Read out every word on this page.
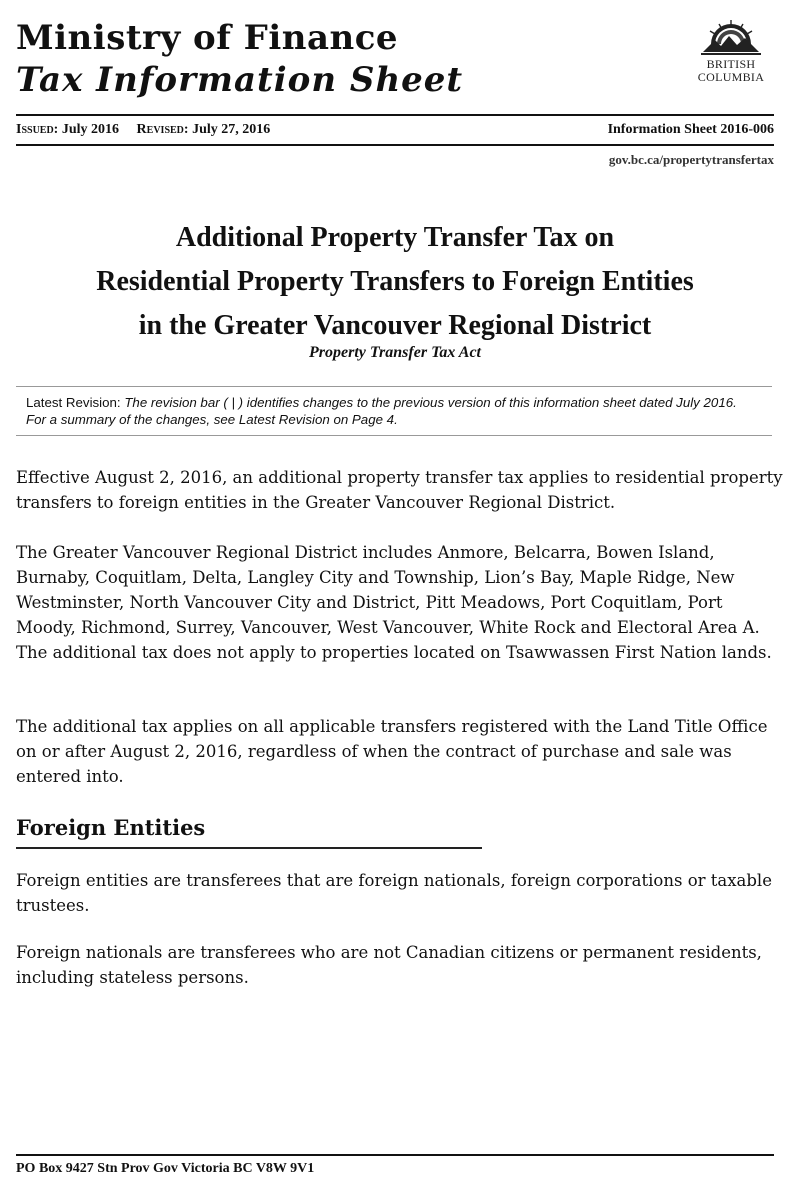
Ministry of Finance
Tax Information Sheet	BRITISH
COLUMBIA
Issued: July 2016 Revised: July 27, 2016	Information Sheet 2016-006
gov.bc.ca/propertytransfertax
Additional Property Transfer Tax on
Residential Property Transfers to Foreign Entities
in the Greater Vancouver Regional District
Property Transfer Tax Act
Latest Revision: The revision bar ( | ) identifies changes to the previous version of this information sheet dated July 2016. For a summary of the changes, see Latest Revision on Page 4.
Effective August 2, 2016, an additional property transfer tax applies to residential property transfers to foreign entities in the Greater Vancouver Regional District.
The Greater Vancouver Regional District includes Anmore, Belcarra, Bowen Island, Burnaby, Coquitlam, Delta, Langley City and Township, Lion’s Bay, Maple Ridge, New Westminster, North Vancouver City and District, Pitt Meadows, Port Coquitlam, Port Moody, Richmond, Surrey, Vancouver, West Vancouver, White Rock and Electoral Area A. The additional tax does not apply to properties located on Tsawwassen First Nation lands.
The additional tax applies on all applicable transfers registered with the Land Title Office on or after August 2, 2016, regardless of when the contract of purchase and sale was entered into.
Foreign Entities
Foreign entities are transferees that are foreign nationals, foreign corporations or taxable trustees.
Foreign nationals are transferees who are not Canadian citizens or permanent residents, including stateless persons.
PO Box 9427 Stn Prov Gov Victoria BC V8W 9V1
